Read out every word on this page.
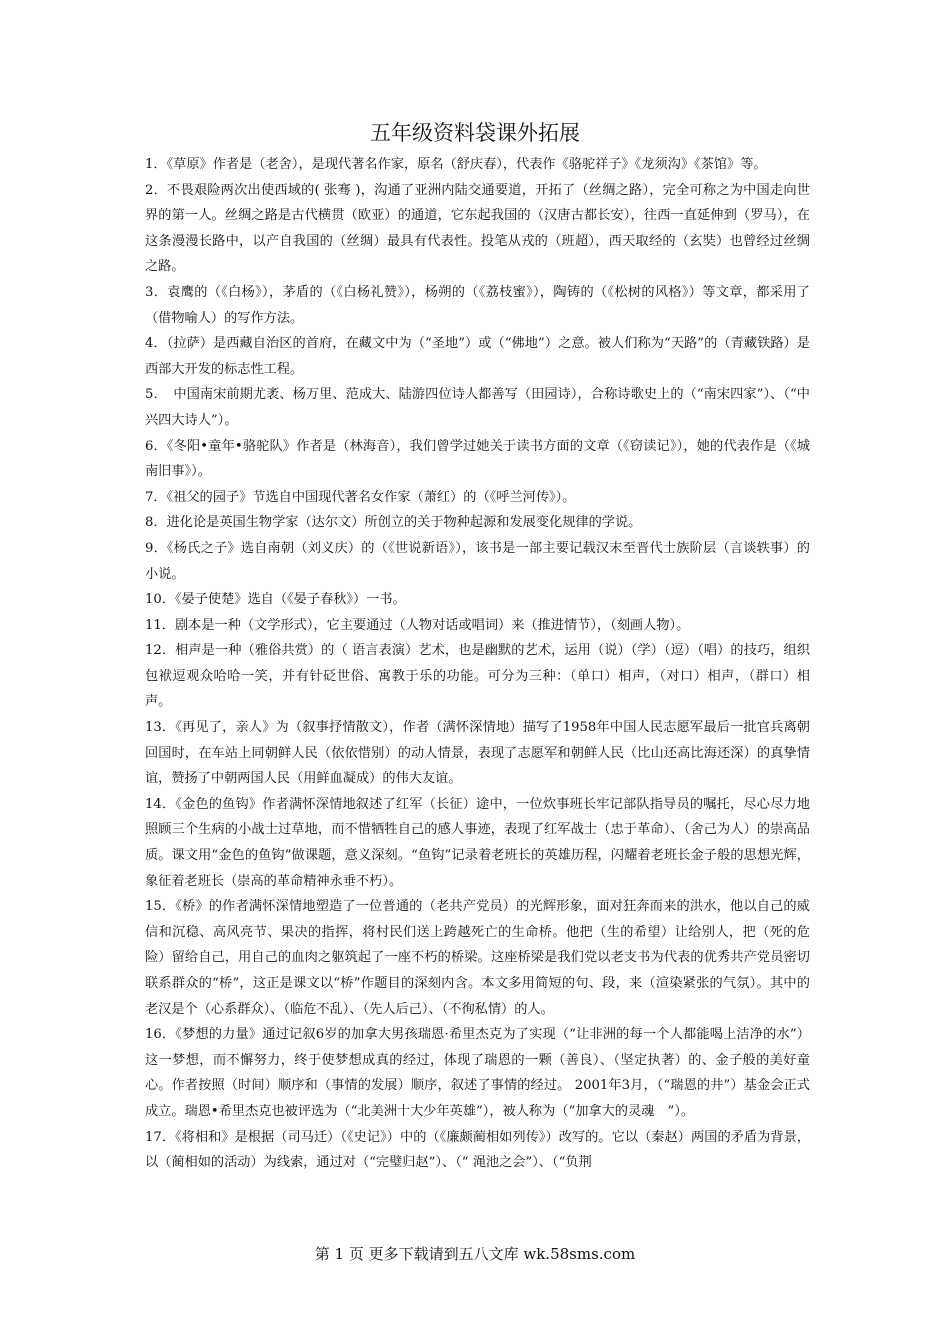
五年级资料袋课外拓展

1．《草原》作者是（老舍），是现代著名作家，原名（舒庆春），代表作《骆驼祥子》《龙须沟》《茶馆》等。

2．不畏艰险两次出使西域的( 张骞 )，沟通了亚洲内陆交通要道，开拓了（丝绸之路），完全可称之为中国走向世界的第一人。丝绸之路是古代横贯（欧亚）的通道，它东起我国的（汉唐古都长安），往西一直延伸到（罗马），在这条漫漫长路中，以产自我国的（丝绸）最具有代表性。投笔从戎的（班超），西天取经的（玄奘）也曾经过丝绸之路。

3．袁鹰的（《白杨》），茅盾的（《白杨礼赞》），杨朔的（《荔枝蜜》），陶铸的（《松树的风格》）等文章，都采用了（借物喻人）的写作方法。

4．（拉萨）是西藏自治区的首府，在藏文中为（“圣地”）或（“佛地”）之意。被人们称为“天路”的（青藏铁路）是西部大开发的标志性工程。

5．　中国南宋前期尤袤、杨万里、范成大、陆游四位诗人都善写（田园诗），合称诗歌史上的（“南宋四家”）、（“中兴四大诗人”）。

6．《冬阳•童年•骆驼队》作者是（林海音），我们曾学过她关于读书方面的文章（《窃读记》），她的代表作是（《城南旧事》）。

7．《祖父的园子》节选自中国现代著名女作家（萧红）的（《呼兰河传》）。

8．进化论是英国生物学家（达尔文）所创立的关于物种起源和发展变化规律的学说。

9．《杨氏之子》选自南朝（刘义庆）的（《世说新语》），该书是一部主要记载汉末至晋代士族阶层（言谈轶事）的小说。

10．《晏子使楚》选自（《晏子春秋》）一书。

11．剧本是一种（文学形式），它主要通过（人物对话或唱词）来（推进情节），（刻画人物）。

12．相声是一种（雅俗共赏）的（ 语言表演）艺术，也是幽默的艺术，运用（说）（学）（逗）（唱）的技巧，组织包袱逗观众哈哈一笑，并有针砭世俗、寓教于乐的功能。可分为三种：（单口）相声，（对口）相声，（群口）相声。

13．《再见了，亲人》为（叙事抒情散文），作者（满怀深情地）描写了1958年中国人民志愿军最后一批官兵离朝回国时，在车站上同朝鲜人民（依依惜别）的动人情景，表现了志愿军和朝鲜人民（比山还高比海还深）的真挚情谊，赞扬了中朝两国人民（用鲜血凝成）的伟大友谊。

14．《金色的鱼钩》作者满怀深情地叙述了红军（长征）途中，一位炊事班长牢记部队指导员的嘱托，尽心尽力地照顾三个生病的小战士过草地，而不惜牺牲自己的感人事迹，表现了红军战士（忠于革命）、（舍己为人）的崇高品质。课文用“金色的鱼钩”做课题，意义深刻。“鱼钩”记录着老班长的英雄历程，闪耀着老班长金子般的思想光辉，象征着老班长（崇高的革命精神永垂不朽）。

15．《桥》的作者满怀深情地塑造了一位普通的（老共产党员）的光辉形象，面对狂奔而来的洪水，他以自己的威信和沉稳、高风亮节、果决的指挥，将村民们送上跨越死亡的生命桥。他把（生的希望）让给别人，把（死的危险）留给自己，用自己的血肉之躯筑起了一座不朽的桥梁。这座桥梁是我们党以老支书为代表的优秀共产党员密切联系群众的“桥”，这正是课文以“桥”作题目的深刻内含。本文多用简短的句、段，来（渲染紧张的气氛）。其中的老汉是个（心系群众）、（临危不乱）、（先人后己）、（不徇私情）的人。

16．《梦想的力量》通过记叙6岁的加拿大男孩瑞恩·希里杰克为了实现（“让非洲的每一个人都能喝上洁净的水”）这一梦想，而不懈努力，终于使梦想成真的经过，体现了瑞恩的一颗（善良）、（坚定执著）的、金子般的美好童心。作者按照（时间）顺序和（事情的发展）顺序，叙述了事情的经过。 2001年3月，（“瑞恩的井”）基金会正式成立。瑞恩•希里杰克也被评选为（“北美洲十大少年英雄”），被人称为（“加拿大的灵魂　”）。

17．《将相和》是根据（司马迁）（《史记》）中的（《廉颇蔺相如列传》）改写的。它以（秦赵）两国的矛盾为背景，以（蔺相如的活动）为线索，通过对（“完璧归赵”）、（“ 渑池之会”）、（“负荆

第 1 页 更多下载请到五八文库 wk.58sms.com
